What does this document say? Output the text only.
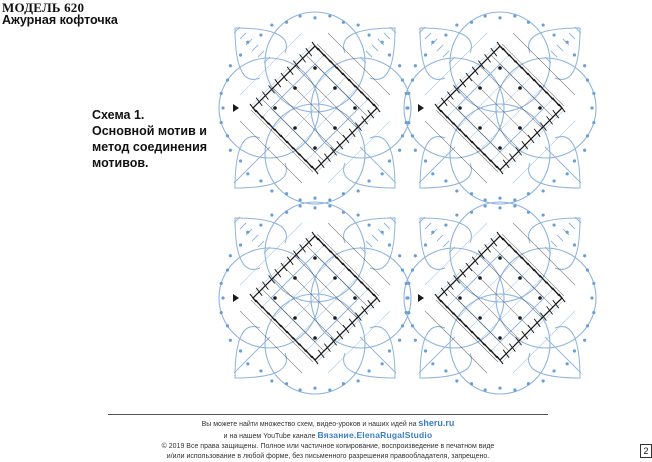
МОДЕЛЬ 620
Ажурная кофточка
Схема 1.
Основной мотив и
метод соединения
мотивов.
Вы можете найти множество схем, видео-уроков и наших идей на sheru.ru
и на нашем YouTube канале Вязание.ElenaRugalStudio
© 2019 Все права защищены. Полное или частичное копирование, воспроизведение в печатном виде
и/или использование в любой форме, без письменного разрешения правообладателя, запрещено.
2
